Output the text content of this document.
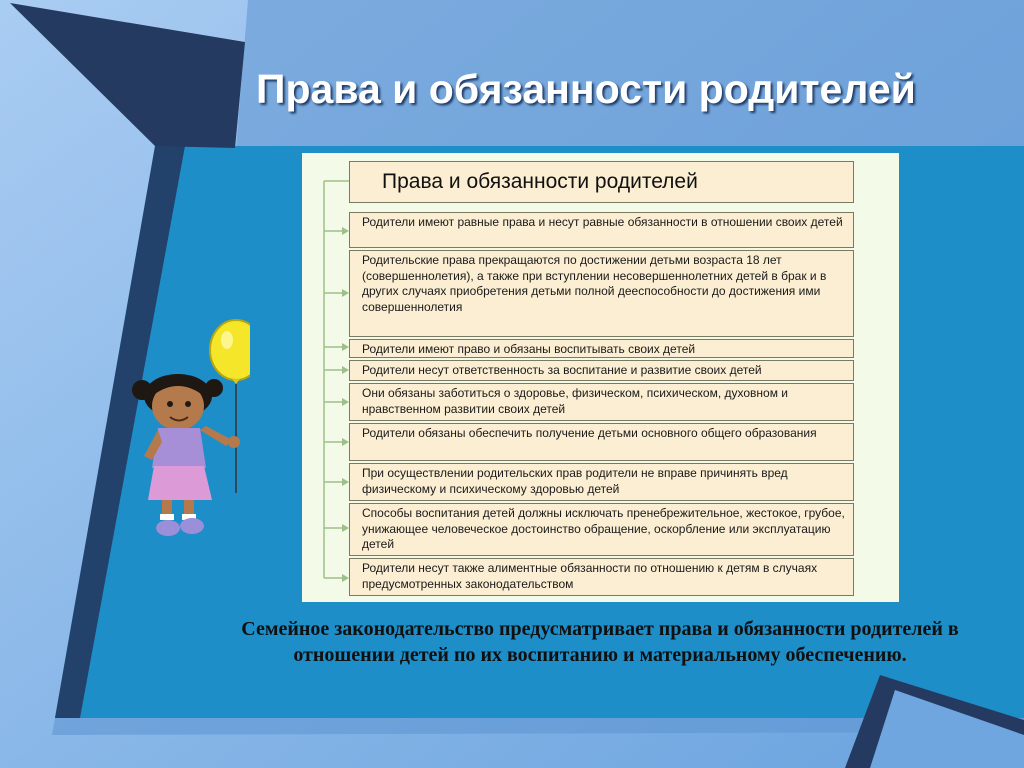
Права и обязанности родителей
Права и обязанности родителей
Родители имеют равные права и несут равные обязанности в отношении своих детей
Родительские права прекращаются по достижении детьми возраста 18 лет (совершеннолетия), а также при вступлении несовершеннолетних детей в брак и в других случаях приобретения детьми полной дееспособности до достижения ими совершеннолетия
Родители имеют право и обязаны воспитывать своих детей
Родители несут ответственность за воспитание и развитие своих детей
Они обязаны заботиться о здоровье, физическом, психическом, духовном и нравственном развитии своих детей
Родители обязаны обеспечить получение детьми основного общего образования
При осуществлении родительских прав родители не вправе причинять вред физическому и психическому здоровью детей
Способы воспитания детей должны исключать пренебрежительное, жестокое, грубое, унижающее человеческое достоинство обращение, оскорбление или эксплуатацию детей
Родители несут также алиментные обязанности по отношению к детям в случаях предусмотренных законодательством
Семейное законодательство предусматривает права и обязанности родителей в отношении детей по их воспитанию и материальному обеспечению.
